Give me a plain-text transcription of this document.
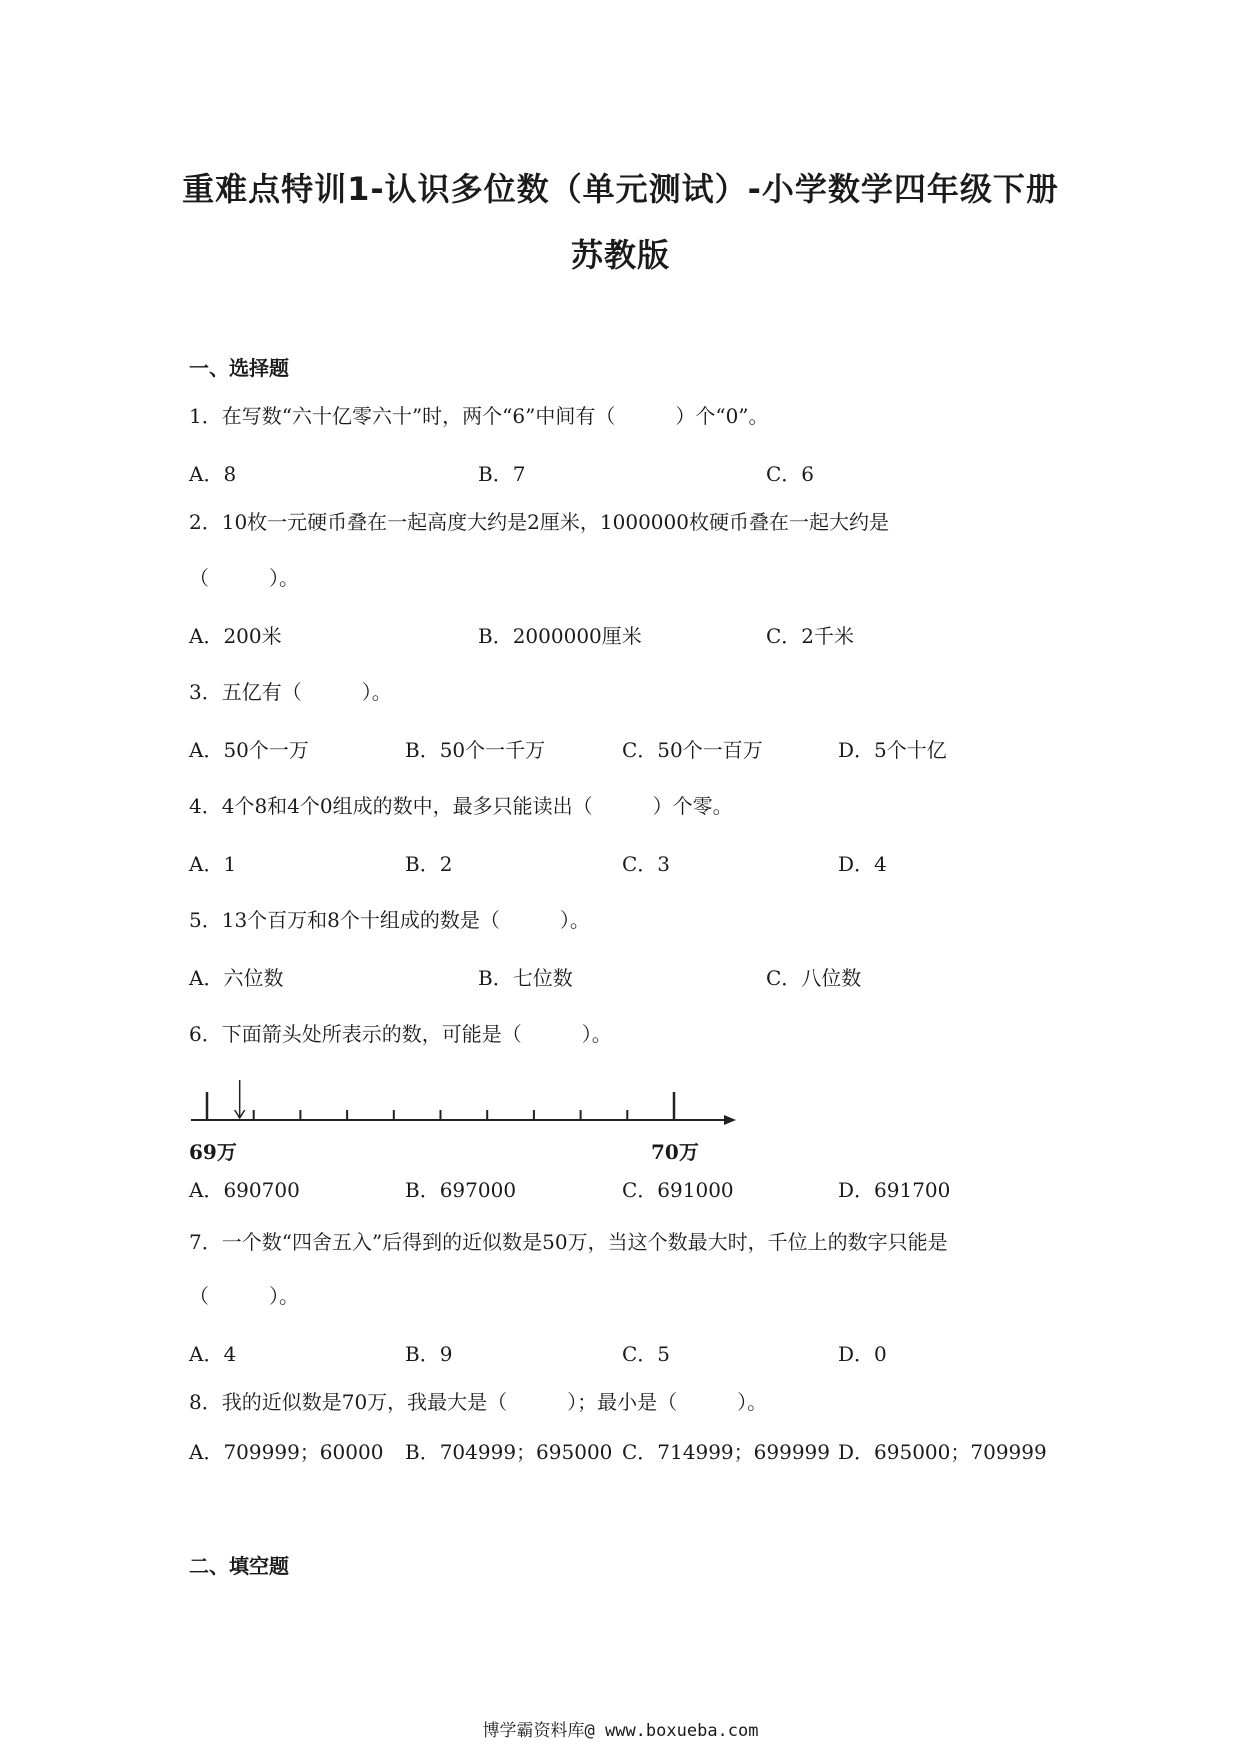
重难点特训1-认识多位数（单元测试）-小学数学四年级下册
苏教版
一、选择题
1．在写数“六十亿零六十”时，两个“6”中间有（　　　）个“0”。
A．8	B．7	C．6
2．10枚一元硬币叠在一起高度大约是2厘米，1000000枚硬币叠在一起大约是
（　　　）。
A．200米	B．2000000厘米	C．2千米
3．五亿有（　　　）。
A．50个一万	B．50个一千万	C．50个一百万	D．5个十亿
4．4个8和4个0组成的数中，最多只能读出（　　　）个零。
A．1	B．2	C．3	D．4
5．13个百万和8个十组成的数是（　　　）。
A．六位数	B．七位数	C．八位数
6．下面箭头处所表示的数，可能是（　　　）。
69万	70万
A．690700	B．697000	C．691000	D．691700
7．一个数“四舍五入”后得到的近似数是50万，当这个数最大时，千位上的数字只能是
（　　　）。
A．4	B．9	C．5	D．0
8．我的近似数是70万，我最大是（　　　）；最小是（　　　）。
A．709999；60000 B．704999；695000 C．714999；699999 D．695000；709999
二、填空题
博学霸资料库@ www.boxueba.com
